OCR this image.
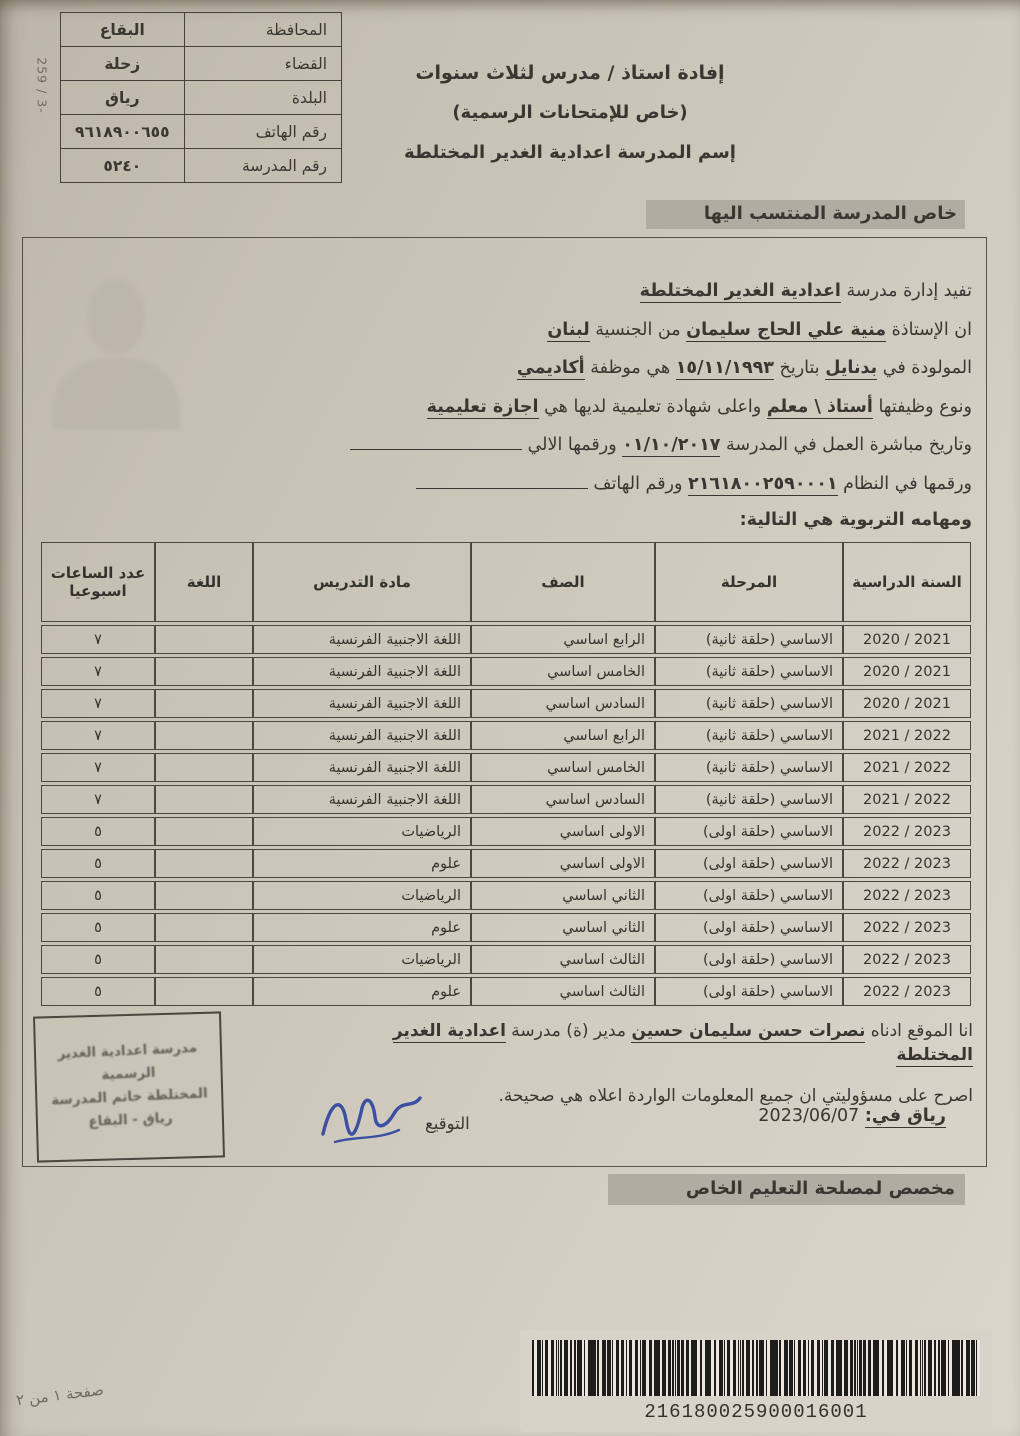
259 / 3-
المحافظة	البقاع
القضاء	زحلة
البلدة	رياق
رقم الهاتف	٩٦١٨٩٠٠٦٥٥
رقم المدرسة	٥٢٤٠
إفادة استاذ / مدرس لثلاث سنوات
(خاص للإمتحانات الرسمية)
إسم المدرسة اعدادية الغدير المختلطة
خاص المدرسة المنتسب اليها
تفيد إدارة مدرسة اعدادية الغدير المختلطة
ان الإستاذة منية علي الحاج سليمان من الجنسية لبنان
المولودة في بدنايل بتاريخ ١٥/١١/١٩٩٣ هي موظفة أكاديمي
ونوع وظيفتها أستاذ \ معلم واعلى شهادة تعليمية لديها هي اجازة تعليمية
وتاريخ مباشرة العمل في المدرسة ٠١/١٠/٢٠١٧ ورقمها الالي
ورقمها في النظام ٢١٦١٨٠٠٢٥٩٠٠٠١ ورقم الهاتف
ومهامه التربوية هي التالية:
السنة الدراسية	المرحلة	الصف	مادة التدريس	اللغة	عدد الساعات اسبوعيا
2020 / 2021	الاساسي (حلقة ثانية)	الرابع اساسي	اللغة الاجنبية الفرنسية		٧
2020 / 2021	الاساسي (حلقة ثانية)	الخامس اساسي	اللغة الاجنبية الفرنسية		٧
2020 / 2021	الاساسي (حلقة ثانية)	السادس اساسي	اللغة الاجنبية الفرنسية		٧
2021 / 2022	الاساسي (حلقة ثانية)	الرابع اساسي	اللغة الاجنبية الفرنسية		٧
2021 / 2022	الاساسي (حلقة ثانية)	الخامس اساسي	اللغة الاجنبية الفرنسية		٧
2021 / 2022	الاساسي (حلقة ثانية)	السادس اساسي	اللغة الاجنبية الفرنسية		٧
2022 / 2023	الاساسي (حلقة اولى)	الاولى اساسي	الرياضيات		٥
2022 / 2023	الاساسي (حلقة اولى)	الاولى اساسي	علوم		٥
2022 / 2023	الاساسي (حلقة اولى)	الثاني اساسي	الرياضيات		٥
2022 / 2023	الاساسي (حلقة اولى)	الثاني اساسي	علوم		٥
2022 / 2023	الاساسي (حلقة اولى)	الثالث اساسي	الرياضيات		٥
2022 / 2023	الاساسي (حلقة اولى)	الثالث اساسي	علوم		٥
انا الموقع ادناه نصرات حسن سليمان حسين مدير (ة) مدرسة اعدادية الغدير المختلطة
اصرح على مسؤوليتي ان جميع المعلومات الواردة اعلاه هي صحيحة.
رياق في: 2023/06/07
التوقيع
مدرسة اعدادية الغدير الرسمية
المختلطة خاتم المدرسة
رياق - البقاع
مخصص لمصلحة التعليم الخاص
216180025900016001
صفحة ١ من ٢
